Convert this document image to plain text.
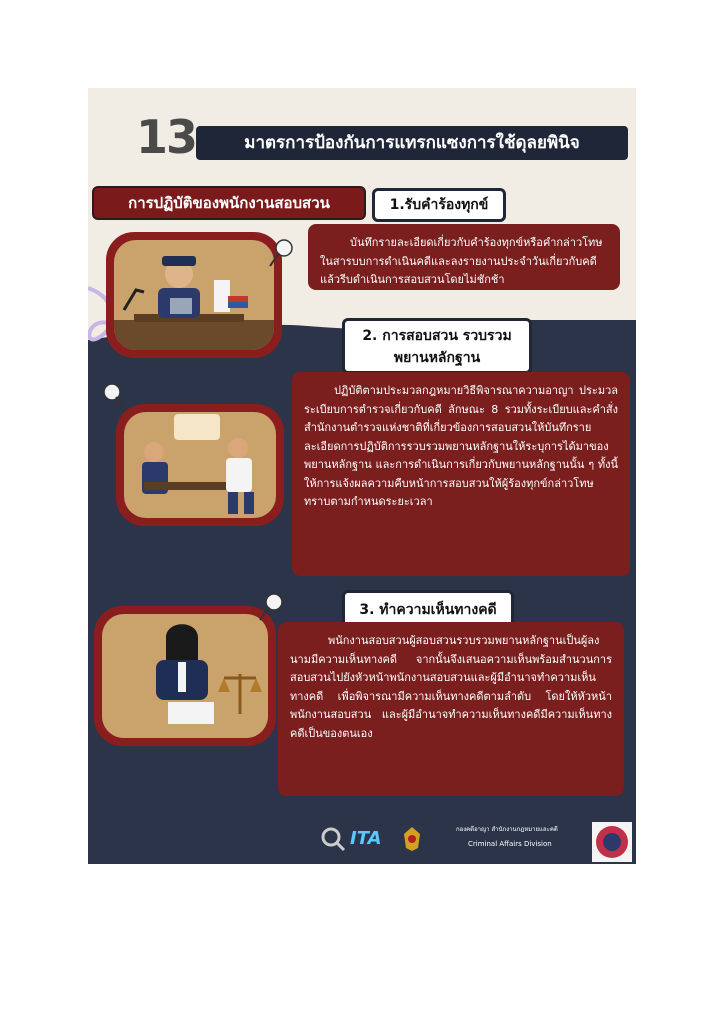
13	มาตรการป้องกันการแทรกแซงการใช้ดุลยพินิจ
การปฏิบัติของพนักงานสอบสวน	1.รับคำร้องทุกข์

บันทึกรายละเอียดเกี่ยวกับคำร้องทุกข์หรือคำกล่าวโทษในสารบบการดำเนินคดีและลงรายงานประจำวันเกี่ยวกับคดีแล้วรีบดำเนินการสอบสวนโดยไม่ชักช้า

2. การสอบสวน รวบรวม
พยานหลักฐาน

ปฏิบัติตามประมวลกฎหมายวิธีพิจารณาความอาญา ประมวลระเบียบการตำรวจเกี่ยวกับคดี ลักษณะ 8 รวมทั้งระเบียบและคำสั่งสำนักงานตำรวจแห่งชาติที่เกี่ยวข้องการสอบสวนให้บันทึกรายละเอียดการปฏิบัติการรวบรวมพยานหลักฐานให้ระบุการได้มาของพยานหลักฐาน และการดำเนินการเกี่ยวกับพยานหลักฐานนั้น ๆ ทั้งนี้ ให้การแจ้งผลความคืบหน้าการสอบสวนให้ผู้ร้องทุกข์กล่าวโทษทราบตามกำหนดระยะเวลา

3. ทำความเห็นทางคดี

พนักงานสอบสวนผู้สอบสวนรวบรวมพยานหลักฐานเป็นผู้ลงนามมีความเห็นทางคดี จากนั้นจึงเสนอความเห็นพร้อมสำนวนการสอบสวนไปยังหัวหน้าพนักงานสอบสวนและผู้มีอำนาจทำความเห็นทางคดี เพื่อพิจารณามีความเห็นทางคดีตามลำดับ โดยให้หัวหน้าพนักงานสอบสวน และผู้มีอำนาจทำความเห็นทางคดีมีความเห็นทางคดีเป็นของตนเอง

ITA	กองคดีอาญา สำนักงานกฎหมายและคดี
Criminal Affairs Division
